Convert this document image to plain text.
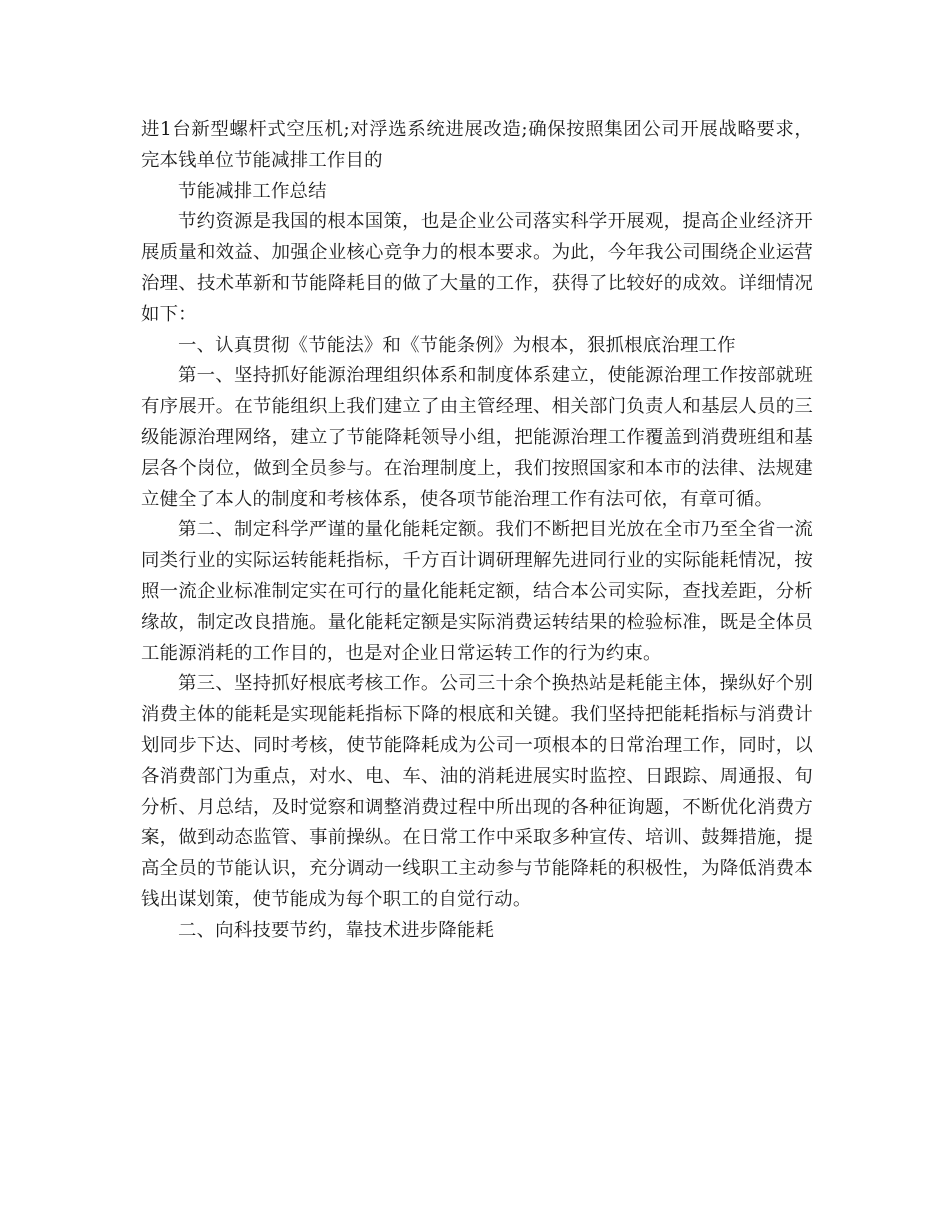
进1台新型螺杆式空压机;对浮选系统进展改造;确保按照集团公司开展战略要求，完本钱单位节能减排工作目的

节能减排工作总结

节约资源是我国的根本国策，也是企业公司落实科学开展观，提高企业经济开展质量和效益、加强企业核心竞争力的根本要求。为此，今年我公司围绕企业运营治理、技术革新和节能降耗目的做了大量的工作，获得了比较好的成效。详细情况如下：

一、认真贯彻《节能法》和《节能条例》为根本，狠抓根底治理工作

第一、坚持抓好能源治理组织体系和制度体系建立，使能源治理工作按部就班有序展开。在节能组织上我们建立了由主管经理、相关部门负责人和基层人员的三级能源治理网络，建立了节能降耗领导小组，把能源治理工作覆盖到消费班组和基层各个岗位，做到全员参与。在治理制度上，我们按照国家和本市的法律、法规建立健全了本人的制度和考核体系，使各项节能治理工作有法可依，有章可循。

第二、制定科学严谨的量化能耗定额。我们不断把目光放在全市乃至全省一流同类行业的实际运转能耗指标，千方百计调研理解先进同行业的实际能耗情况，按照一流企业标准制定实在可行的量化能耗定额，结合本公司实际，查找差距，分析缘故，制定改良措施。量化能耗定额是实际消费运转结果的检验标准，既是全体员工能源消耗的工作目的，也是对企业日常运转工作的行为约束。

第三、坚持抓好根底考核工作。公司三十余个换热站是耗能主体，操纵好个别消费主体的能耗是实现能耗指标下降的根底和关键。我们坚持把能耗指标与消费计划同步下达、同时考核，使节能降耗成为公司一项根本的日常治理工作，同时，以各消费部门为重点，对水、电、车、油的消耗进展实时监控、日跟踪、周通报、旬分析、月总结，及时觉察和调整消费过程中所出现的各种征询题，不断优化消费方案，做到动态监管、事前操纵。在日常工作中采取多种宣传、培训、鼓舞措施，提高全员的节能认识，充分调动一线职工主动参与节能降耗的积极性，为降低消费本钱出谋划策，使节能成为每个职工的自觉行动。

二、向科技要节约，靠技术进步降能耗
